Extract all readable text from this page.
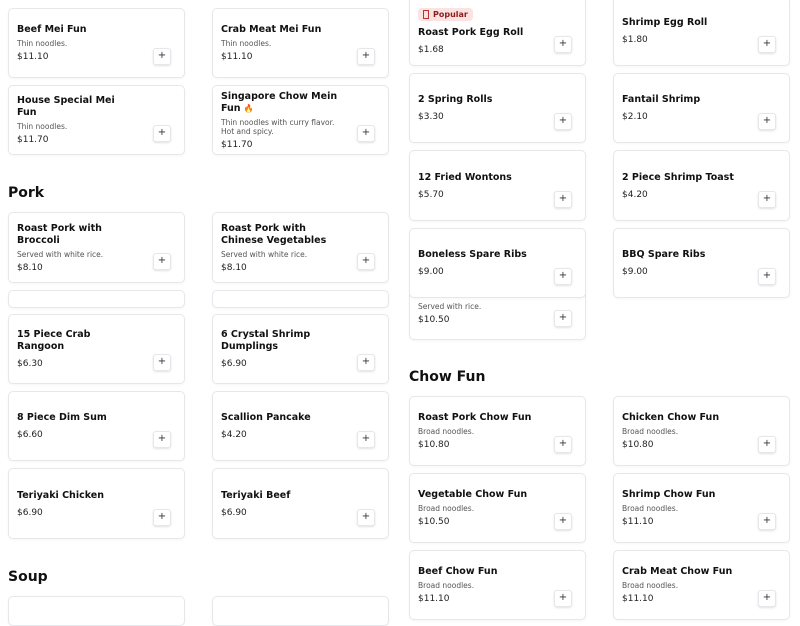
Pork
Soup
Chow Fun
Beef Mei Fun
Thin noodles.
$11.10	+
Crab Meat Mei Fun
Thin noodles.
$11.10	+
House Special Mei Fun
Thin noodles.
$11.70
+
Singapore Chow Mein Fun 🔥
Thin noodles with curry flavor. Hot and spicy.
$11.70
+
Roast Pork with Broccoli
Served with white rice.
$8.10
+
Roast Pork with Chinese Vegetables
Served with white rice.
$8.10
+
15 Piece Crab Rangoon
$6.30	+
6 Crystal Shrimp Dumplings
$6.90	+
8 Piece Dim Sum
$6.60	+
Scallion Pancake
$4.20	+
Teriyaki Chicken
$6.90	+
Teriyaki Beef
$6.90	+
Popular
Roast Pork Egg Roll
$1.68
+
Shrimp Egg Roll
$1.80	+
2 Spring Rolls
$3.30	+
Fantail Shrimp
$2.10	+
12 Fried Wontons
$5.70	+
2 Piece Shrimp Toast
$4.20	+
Served with rice.
$10.50	+
Boneless Spare Ribs
$9.00	+
BBQ Spare Ribs
$9.00	+
Roast Pork Chow Fun
Broad noodles.
$10.80	+
Chicken Chow Fun
Broad noodles.
$10.80	+
Vegetable Chow Fun
Broad noodles.
$10.50	+
Shrimp Chow Fun
Broad noodles.
$11.10	+
Beef Chow Fun
Broad noodles.
$11.10	+
Crab Meat Chow Fun
Broad noodles.
$11.10	+
